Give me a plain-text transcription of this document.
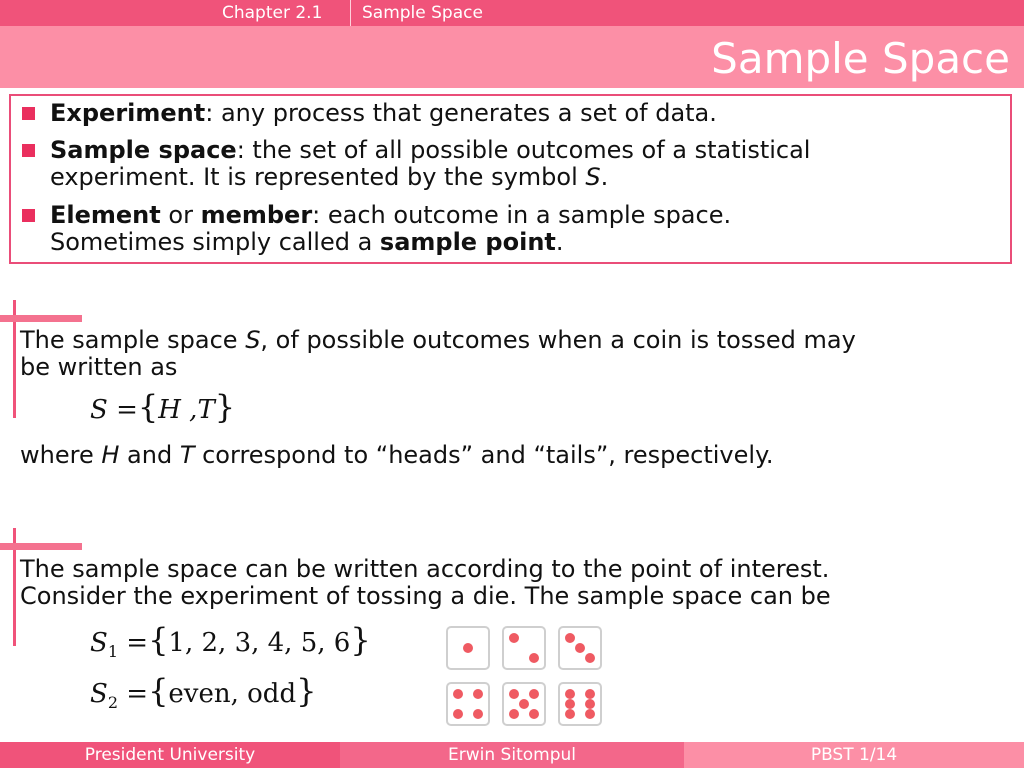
Chapter 2.1 Sample Space
Sample Space
Experiment: any process that generates a set of data.
Sample space: the set of all possible outcomes of a statistical
experiment. It is represented by the symbol S.
Element or member: each outcome in a sample space.
Sometimes simply called a sample point.
The sample space S, of possible outcomes when a coin is tossed may
be written as
S ={H ,T}
where H and T correspond to “heads” and “tails”, respectively.
The sample space can be written according to the point of interest.
Consider the experiment of tossing a die. The sample space can be
$S_1 =\{1$, 2, 3, 4, 5, 6}
$S_2$ ={even, odd}
President University	Erwin Sitompul	PBST 1/14
